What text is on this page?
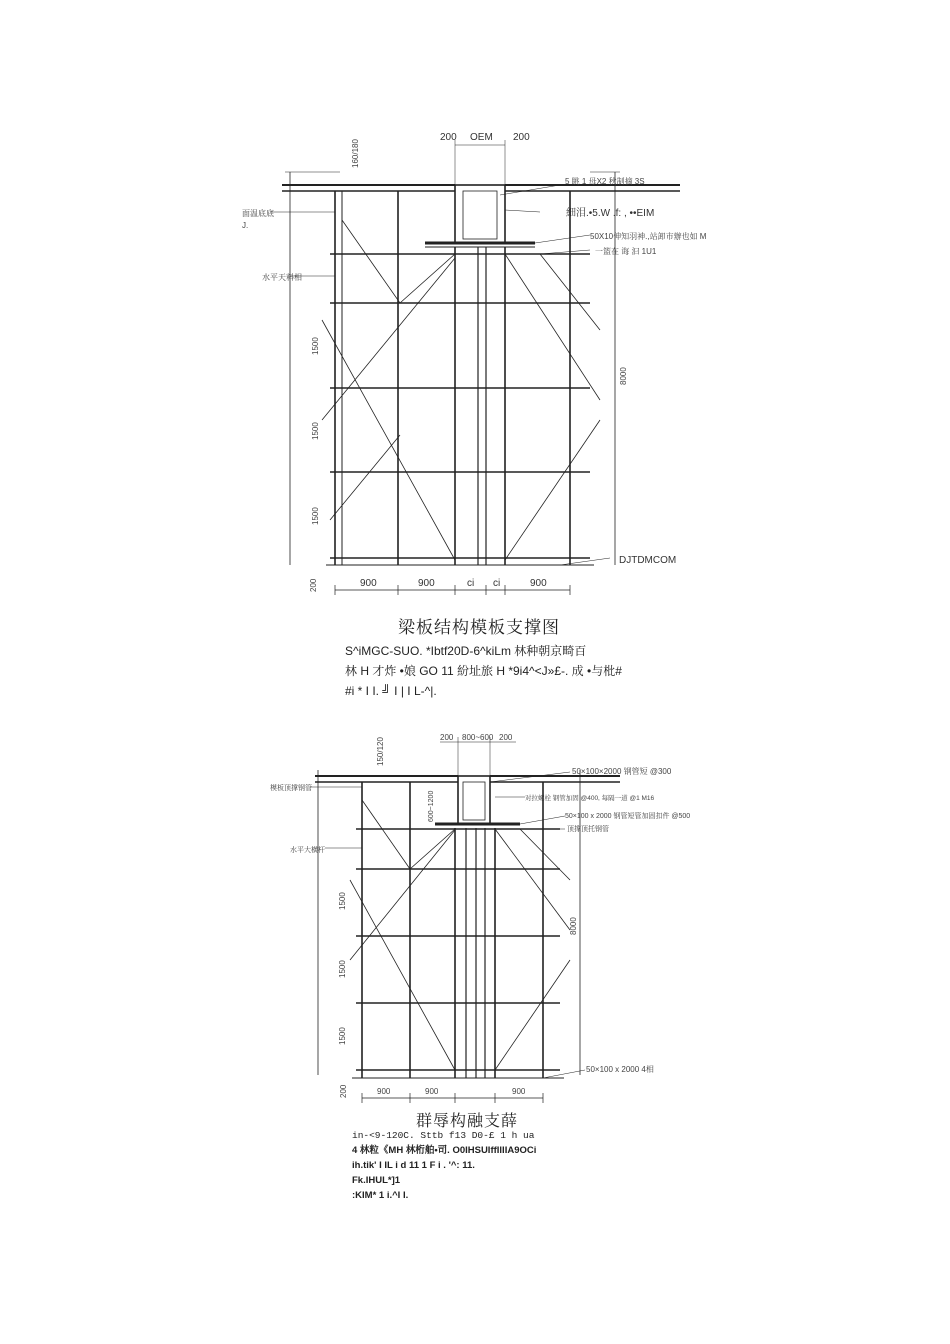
200 OEM 200
160/180
5 眺 1 母X2 秋制摘 3S
細泪.•5.W .f: , ••EIM
50X10伸知羽神.,站卸市辦也如 M
一篮在 诲 汩 1U1
DJTDMCOM
面温底底
J.
水平天料相
1500
1500
1500
8000
900	900	ci ci	900
200
200 800~600 200
150/120
50×100×2000 钢管短 @300
对拉螺栓 钢管加固 @400, 每隔一道 @1 M16
50×100 x 2000 钢管短管加固扣件 @500
顶撑顶托钢管
50×100 x 2000 4相
模板顶撑钢管
水平大横杆
1500
1500
1500
8000
600~1200
900	900	900
200
梁板结构模板支撑图
S^iMGC-SUO. *Ibtf20D-6^kiLm 林种朝京畸百
林 H 才炸 •娘 GO 11 紛址旅 H *9i4^<J»£-. 成 •与枇#
#i * I I. ╝ I | I L-^|.
群辱构融支薛
in-<9-120C. Sttb f13 D0-£ 1 h ua
4 林粒《MH 林桁舶•司. O0IHSUIffIlIIA9OCi
ih.tik' I IL i d 11 1 F i . '^: 11.
Fk.IHUL*]1
:KIM* 1 i.^I I.
